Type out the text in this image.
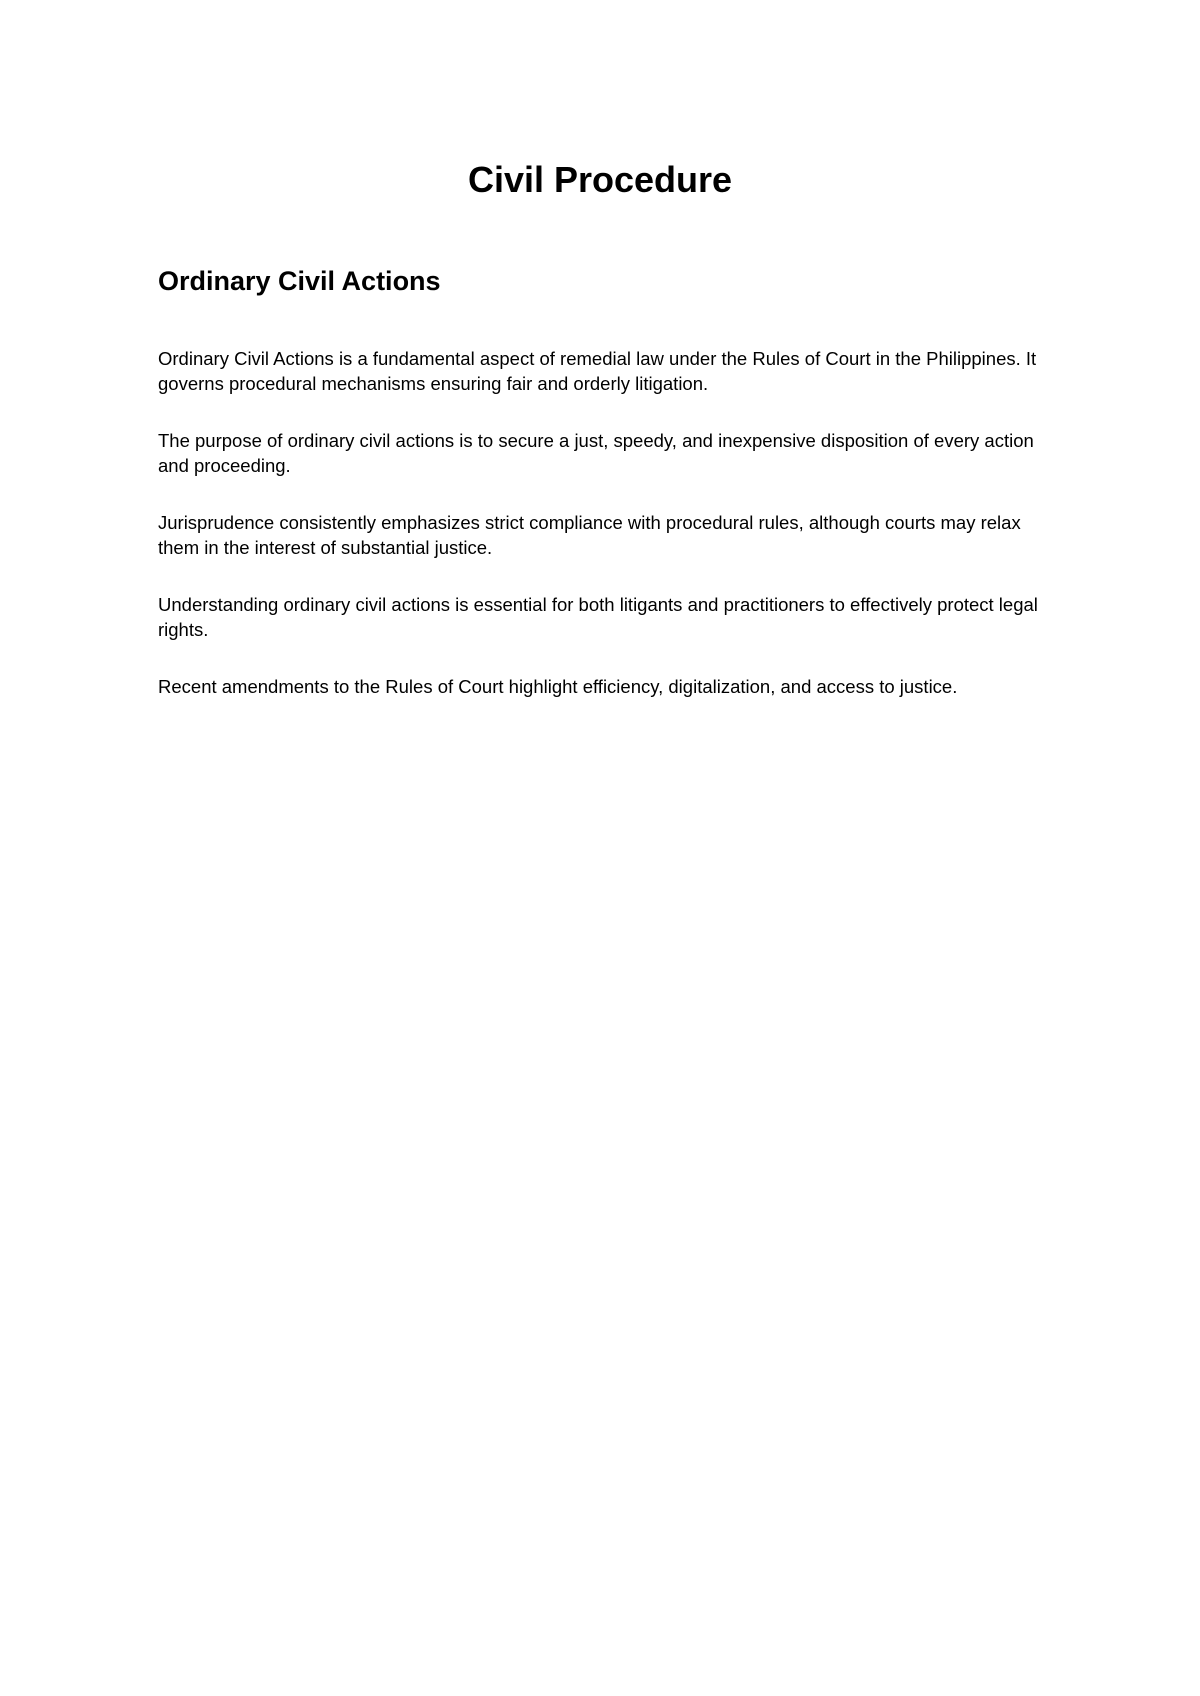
Civil Procedure
Ordinary Civil Actions

Ordinary Civil Actions is a fundamental aspect of remedial law under the Rules of Court in the Philippines. It governs procedural mechanisms ensuring fair and orderly litigation.

The purpose of ordinary civil actions is to secure a just, speedy, and inexpensive disposition of every action and proceeding.

Jurisprudence consistently emphasizes strict compliance with procedural rules, although courts may relax them in the interest of substantial justice.

Understanding ordinary civil actions is essential for both litigants and practitioners to effectively protect legal rights.

Recent amendments to the Rules of Court highlight efficiency, digitalization, and access to justice.
